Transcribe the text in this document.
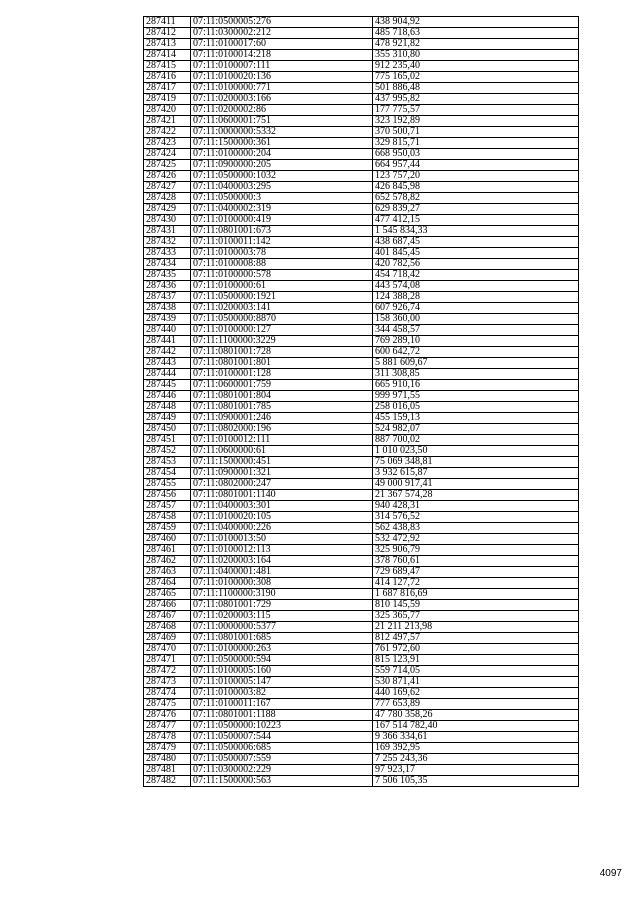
287411	07:11:0500005:276	438 904,92
287412	07:11:0300002:212	485 718,63
287413	07:11:0100017:60	478 921,82
287414	07:11:0100014:218	355 310,80
287415	07:11:0100007:111	912 235,40
287416	07:11:0100020:136	775 165,02
287417	07:11:0100000:771	501 886,48
287419	07:11:0200003:166	437 995,82
287420	07:11:0200002:86	177 775,57
287421	07:11:0600001:751	323 192,89
287422	07:11:0000000:5332	370 500,71
287423	07:11:1500000:361	329 815,71
287424	07:11:0100000:204	668 950,03
287425	07:11:0900000:205	664 957,44
287426	07:11:0500000:1032	123 757,20
287427	07:11:0400003:295	426 845,98
287428	07:11:0500000:3	652 578,82
287429	07:11:0400002:319	629 839,27
287430	07:11:0100000:419	477 412,15
287431	07:11:0801001:673	1 545 834,33
287432	07:11:0100011:142	438 687,45
287433	07:11:0100003:78	401 845,45
287434	07:11:0100008:88	420 782,56
287435	07:11:0100000:578	454 718,42
287436	07:11:0100000:61	443 574,08
287437	07:11:0500000:1921	124 388,28
287438	07:11:0200003:141	607 926,74
287439	07:11:0500000:8870	158 360,00
287440	07:11:0100000:127	344 458,57
287441	07:11:1100000:3229	769 289,10
287442	07:11:0801001:728	600 642,72
287443	07:11:0801001:801	5 881 609,67
287444	07:11:0100001:128	311 308,85
287445	07:11:0600001:759	665 910,16
287446	07:11:0801001:804	999 971,55
287448	07:11:0801001:785	258 016,05
287449	07:11:0900001:246	455 159,13
287450	07:11:0802000:196	524 982,07
287451	07:11:0100012:111	887 700,02
287452	07:11:0600000:61	1 010 023,50
287453	07:11:1500000:451	75 069 348,81
287454	07:11:0900001:321	3 932 615,87
287455	07:11:0802000:247	49 000 917,41
287456	07:11:0801001:1140	21 367 574,28
287457	07:11:0400003:301	940 428,31
287458	07:11:0100020:105	314 576,52
287459	07:11:0400000:226	562 438,83
287460	07:11:0100013:50	532 472,92
287461	07:11:0100012:113	325 906,79
287462	07:11:0200003:164	378 760,61
287463	07:11:0400001:481	729 689,47
287464	07:11:0100000:308	414 127,72
287465	07:11:1100000:3190	1 687 816,69
287466	07:11:0801001:729	810 145,59
287467	07:11:0200003:115	325 365,77
287468	07:11:0000000:5377	21 211 213,98
287469	07:11:0801001:685	812 497,57
287470	07:11:0100000:263	761 972,60
287471	07:11:0500000:594	815 123,91
287472	07:11:0100005:160	559 714,05
287473	07:11:0100005:147	530 871,41
287474	07:11:0100003:82	440 169,62
287475	07:11:0100011:167	777 653,89
287476	07:11:0801001:1188	47 780 358,26
287477	07:11:0500000:10223	167 514 782,40
287478	07:11:0500007:544	9 366 334,61
287479	07:11:0500006:685	169 392,95
287480	07:11:0500007:559	7 255 243,36
287481	07:11:0300002:229	97 923,17
287482	07:11:1500000:563	7 506 105,35
4097
